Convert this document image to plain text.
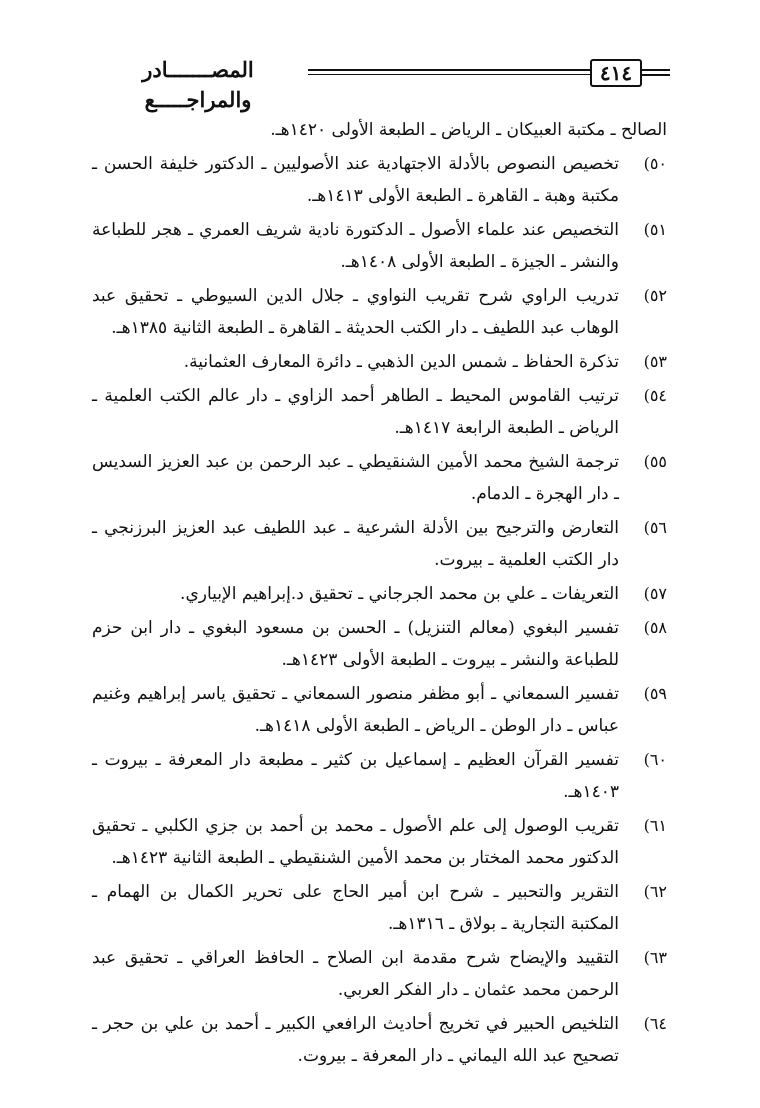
٤١٤
المصـــــــادر والمراجـــــع
الصالح ـ مكتبة العبيكان ـ الرياض ـ الطبعة الأولى ١٤٢٠هـ.
٥٠)
تخصيص النصوص بالأدلة الاجتهادية عند الأصوليين ـ الدكتور خليفة الحسن ـ مكتبة وهبة ـ القاهرة ـ الطبعة الأولى ١٤١٣هـ.
٥١)
التخصيص عند علماء الأصول ـ الدكتورة نادية شريف العمري ـ هجر للطباعة والنشر ـ الجيزة ـ الطبعة الأولى ١٤٠٨هـ.
٥٢)
تدريب الراوي شرح تقريب النواوي ـ جلال الدين السيوطي ـ تحقيق عبد الوهاب عبد اللطيف ـ دار الكتب الحديثة ـ القاهرة ـ الطبعة الثانية ١٣٨٥هـ.
٥٣)
تذكرة الحفاظ ـ شمس الدين الذهبي ـ دائرة المعارف العثمانية.
٥٤)
ترتيب القاموس المحيط ـ الطاهر أحمد الزاوي ـ دار عالم الكتب العلمية ـ الرياض ـ الطبعة الرابعة ١٤١٧هـ.
٥٥)
ترجمة الشيخ محمد الأمين الشنقيطي ـ عبد الرحمن بن عبد العزيز السديس ـ دار الهجرة ـ الدمام.
٥٦)
التعارض والترجيح بين الأدلة الشرعية ـ عبد اللطيف عبد العزيز البرزنجي ـ دار الكتب العلمية ـ بيروت.
٥٧)
التعريفات ـ علي بن محمد الجرجاني ـ تحقيق د.إبراهيم الإبياري.
٥٨)
تفسير البغوي (معالم التنزيل) ـ الحسن بن مسعود البغوي ـ دار ابن حزم للطباعة والنشر ـ بيروت ـ الطبعة الأولى ١٤٢٣هـ.
٥٩)
تفسير السمعاني ـ أبو مظفر منصور السمعاني ـ تحقيق ياسر إبراهيم وغنيم عباس ـ دار الوطن ـ الرياض ـ الطبعة الأولى ١٤١٨هـ.
٦٠)
تفسير القرآن العظيم ـ إسماعيل بن كثير ـ مطبعة دار المعرفة ـ بيروت ـ ١٤٠٣هـ.
٦١)
تقريب الوصول إلى علم الأصول ـ محمد بن أحمد بن جزي الكلبي ـ تحقيق الدكتور محمد المختار بن محمد الأمين الشنقيطي ـ الطبعة الثانية ١٤٢٣هـ.
٦٢)
التقرير والتحبير ـ شرح ابن أمير الحاج على تحرير الكمال بن الهمام ـ المكتبة التجارية ـ بولاق ـ ١٣١٦هـ.
٦٣)
التقييد والإيضاح شرح مقدمة ابن الصلاح ـ الحافظ العراقي ـ تحقيق عبد الرحمن محمد عثمان ـ دار الفكر العربي.
٦٤)
التلخيص الحبير في تخريج أحاديث الرافعي الكبير ـ أحمد بن علي بن حجر ـ تصحيح عبد الله اليماني ـ دار المعرفة ـ بيروت.
